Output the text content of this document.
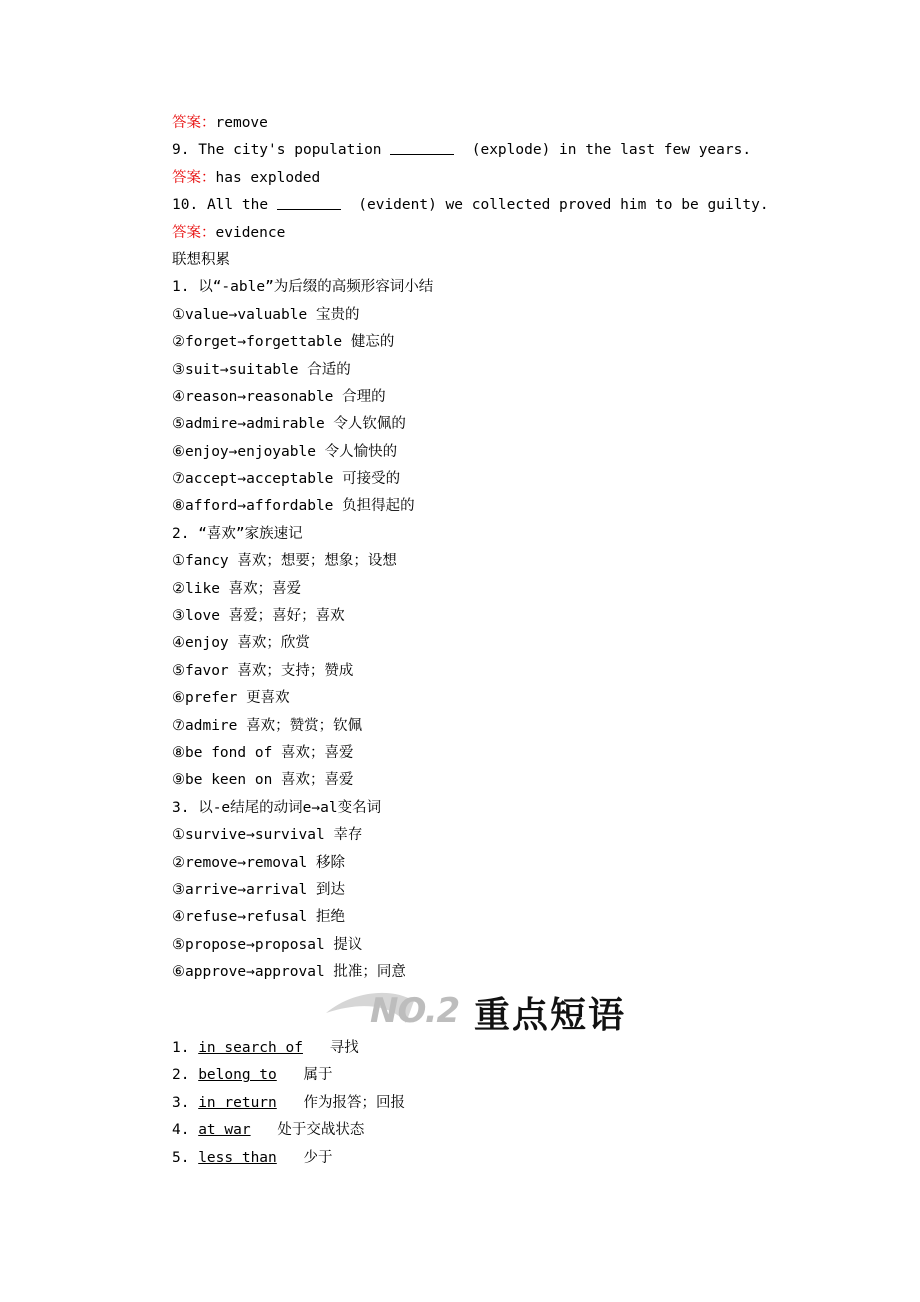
答案：remove
9. The city's population	(explode) in the last few years.
答案：has exploded
10. All the	(evident) we collected proved him to be guilty.
答案：evidence
联想积累
1. 以“-able”为后缀的高频形容词小结
①value→valuable 宝贵的
②forget→forgettable 健忘的
③suit→suitable 合适的
④reason→reasonable 合理的
⑤admire→admirable 令人钦佩的
⑥enjoy→enjoyable 令人愉快的
⑦accept→acceptable 可接受的
⑧afford→affordable 负担得起的
2. “喜欢”家族速记
①fancy 喜欢；想要；想象；设想
②like 喜欢；喜爱
③love 喜爱；喜好；喜欢
④enjoy 喜欢；欣赏
⑤favor 喜欢；支持；赞成
⑥prefer 更喜欢
⑦admire 喜欢；赞赏；钦佩
⑧be fond of 喜欢；喜爱
⑨be keen on 喜欢；喜爱
3. 以-e结尾的动词e→al变名词
①survive→survival 幸存
②remove→removal 移除
③arrive→arrival 到达
④refuse→refusal 拒绝
⑤propose→proposal 提议
⑥approve→approval 批准；同意
NO.2 重点短语
1. in search of 寻找
2. belong to 属于
3. in return 作为报答；回报
4. at war 处于交战状态
5. less than 少于
